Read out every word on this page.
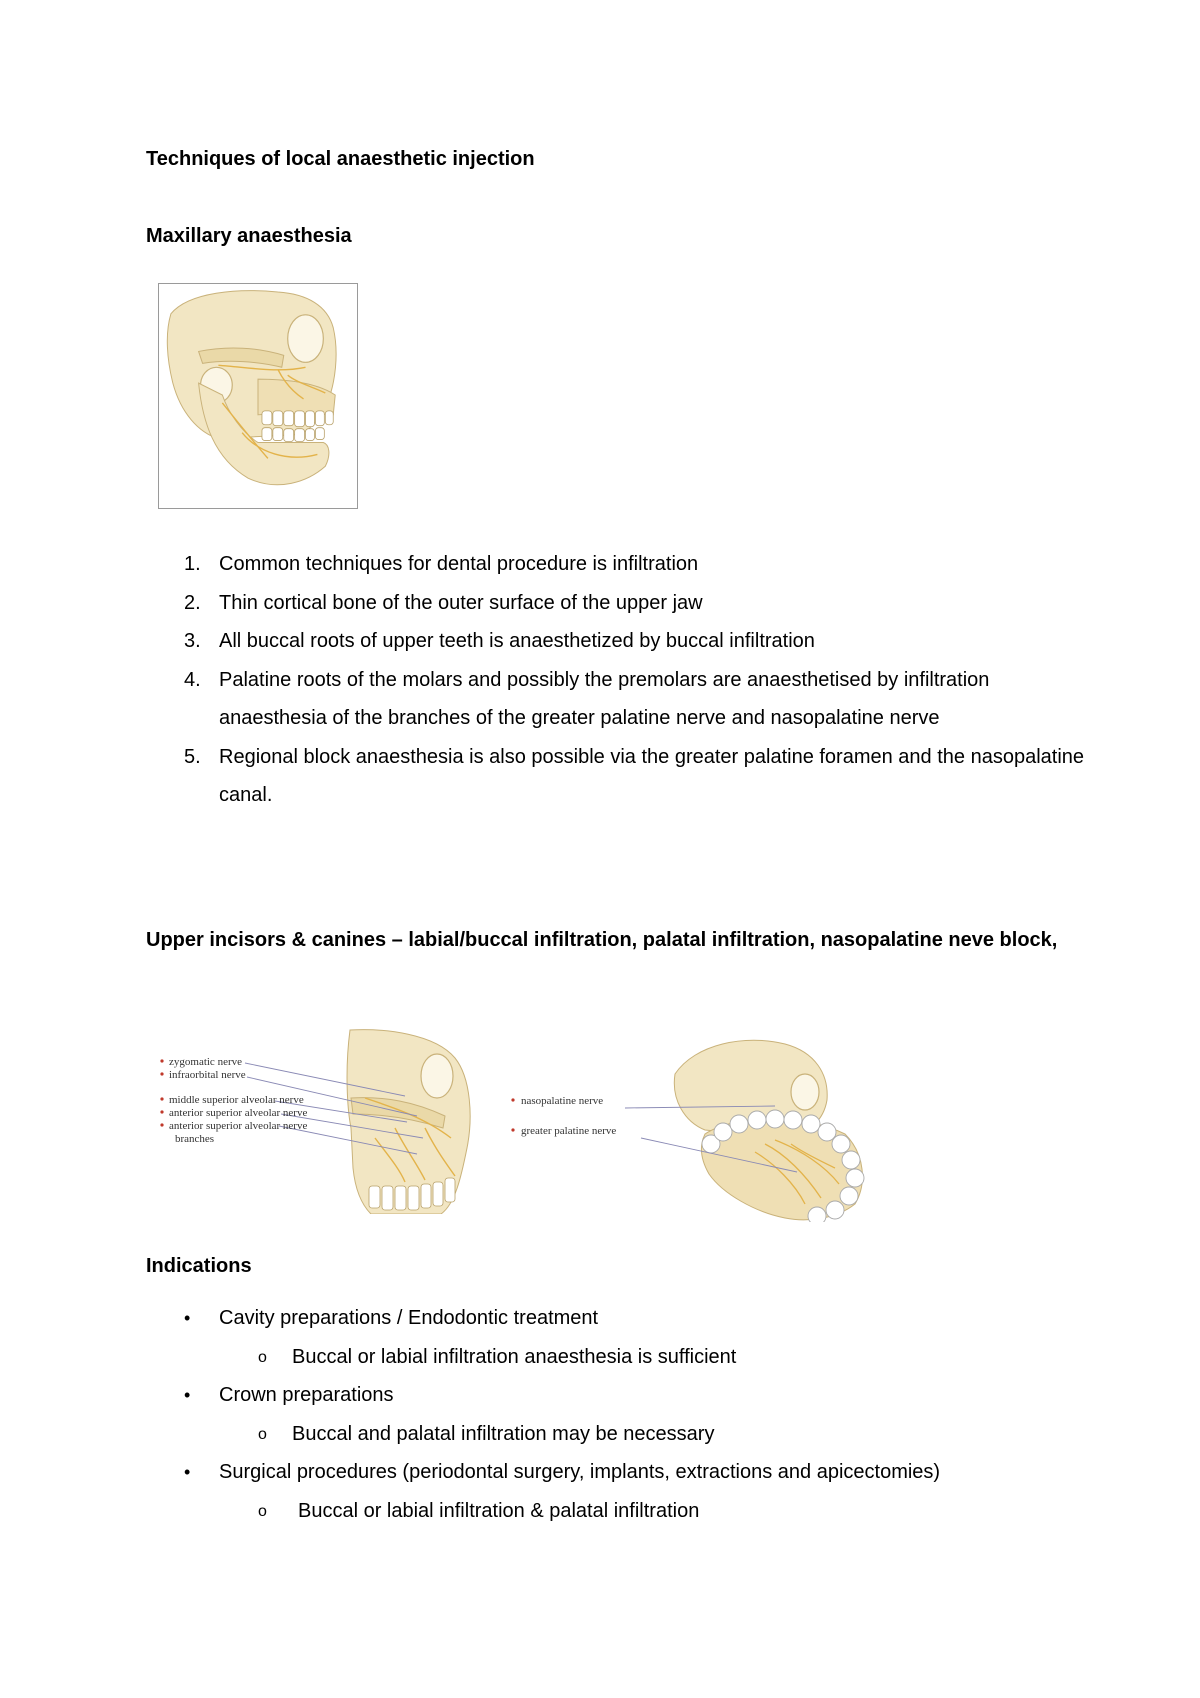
Techniques of local anaesthetic injection
Maxillary anaesthesia
1. Common techniques for dental procedure is infiltration
2. Thin cortical bone of the outer surface of the upper jaw
3. All buccal roots of upper teeth is anaesthetized by buccal infiltration
4. Palatine roots of the molars and possibly the premolars are anaesthetised by infiltration anaesthesia of the branches of the greater palatine nerve and nasopalatine nerve
5. Regional block anaesthesia is also possible via the greater palatine foramen and the nasopalatine canal.
Upper incisors & canines – labial/buccal infiltration, palatal infiltration, nasopalatine neve block,
zygomatic nerve
infraorbital nerve
middle superior alveolar nerve
anterior superior alveolar nerve
anterior superior alveolar nerve
branches
nasopalatine nerve
greater palatine nerve
Indications
• Cavity preparations / Endodontic treatment
o Buccal or labial infiltration anaesthesia is sufficient
• Crown preparations
o Buccal and palatal infiltration may be necessary
• Surgical procedures (periodontal surgery, implants, extractions and apicectomies)
o Buccal or labial infiltration & palatal infiltration
